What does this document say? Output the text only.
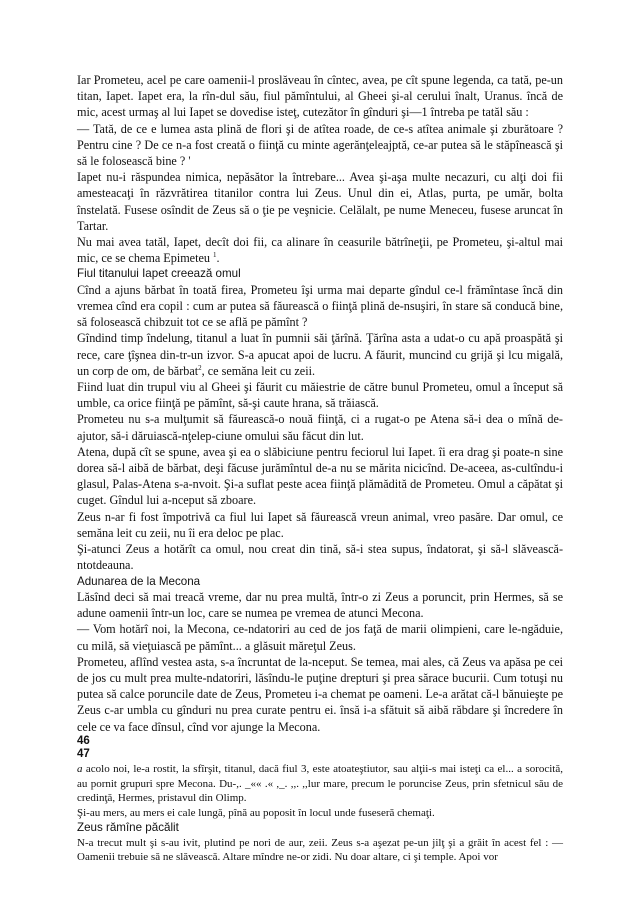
Iar Prometeu, acel pe care oamenii-l proslăveau în cîntec, avea, pe cît spune legenda, ca tată, pe-un titan, Iapet. Iapet era, la rîn-dul său, fiul pămîntului, al Gheei şi-al cerului înalt, Uranus. încă de mic, acest urmaş al lui Iapet se dovedise isteţ, cutezător în gînduri şi—1 întreba pe tatăl său :

— Tată, de ce e lumea asta plină de flori şi de atîtea roade, de ce-s atîtea animale şi zburătoare ? Pentru cine ? De ce n-a fost creată o fiinţă cu minte agerănţeleajptă, ce-ar putea să le stăpînească şi să le folosească bine ? '

Iapet nu-i răspundea nimica, nepăsător la întrebare... Avea şi-aşa multe necazuri, cu alţi doi fii amesteacaţi în răzvrătirea titanilor contra lui Zeus. Unul din ei, Atlas, purta, pe umăr, bolta înstelată. Fusese osîndit de Zeus să o ţie pe veşnicie. Celălalt, pe nume Meneceu, fusese aruncat în Tartar.

Nu mai avea tatăl, Iapet, decît doi fii, ca alinare în ceasurile bătrîneţii, pe Prometeu, şi-altul mai mic, ce se chema Epimeteu $^1$.

Fiul titanului Iapet creează omul

Cînd a ajuns bărbat în toată firea, Prometeu îşi urma mai departe gîndul ce-l frămîntase încă din vremea cînd era copil : cum ar putea să făurească o fiinţă plină de-nsuşiri, în stare să conducă bine, să folosească chibzuit tot ce se află pe pămînt ?

Gîndind timp îndelung, titanul a luat în pumnii săi ţărînă. Ţărîna asta a udat-o cu apă proaspătă şi rece, care ţîşnea din-tr-un izvor. S-a apucat apoi de lucru. A făurit, muncind cu grijă şi lcu migală, un corp de om, de bărbat$^2$, ce semăna leit cu zeii.

Fiind luat din trupul viu al Gheei şi făurit cu măiestrie de către bunul Prometeu, omul a început să umble, ca orice fiinţă pe pămînt, să-şi caute hrana, să trăiască.

Prometeu nu s-a mulţumit să făurească-o nouă fiinţă, ci a rugat-o pe Atena să-i dea o mînă de-ajutor, să-i dăruiască-nţelep-ciune omului său făcut din lut.

Atena, după cît se spune, avea şi ea o slăbiciune pentru feciorul lui Iapet. îi era drag şi poate-n sine dorea să-l aibă de bărbat, deşi făcuse jurămîntul de-a nu se mărita nicicînd. De-aceea, as-cultîndu-i glasul, Palas-Atena s-a-nvoit. Şi-a suflat peste acea fiinţă plămădită de Prometeu. Omul a căpătat şi cuget. Gîndul lui a-nceput să zboare.

Zeus n-ar fi fost împotrivă ca fiul lui Iapet să făurească vreun animal, vreo pasăre. Dar omul, ce semăna leit cu zeii, nu îi era deloc pe plac.

Şi-atunci Zeus a hotărît ca omul, nou creat din tină, să-i stea supus, îndatorat, şi să-l slăvească-ntotdeauna.

Adunarea de la Mecona

Lăsînd deci să mai treacă vreme, dar nu prea multă, într-o zi Zeus a poruncit, prin Hermes, să se adune oamenii într-un loc, care se numea pe vremea de atunci Mecona.

— Vom hotărî noi, la Mecona, ce-ndatoriri au ced de jos faţă de marii olimpieni, care le-ngăduie, cu milă, să vieţuiască pe pămînt... a glăsuit măreţul Zeus.

Prometeu, aflînd vestea asta, s-a încruntat de la-nceput. Se temea, mai ales, că Zeus va apăsa pe cei de jos cu mult prea multe-ndatoriri, lăsîndu-le puţine drepturi şi prea sărace bucurii. Cum totuşi nu putea să calce poruncile date de Zeus, Prometeu i-a chemat pe oameni. Le-a arătat că-l bănuieşte pe Zeus c-ar umbla cu gînduri nu prea curate pentru ei. însă i-a sfătuit să aibă răbdare şi încredere în cele ce va face dînsul, cînd vor ajunge la Mecona.

46

47

a acolo noi, le-a rostit, la sfîrşit, titanul, dacă fiul 3, este atoateştiutor, sau alţii-s mai isteţi ca el... a sorocită, au pornit grupuri spre Mecona. Du-,. _«« .« ,_. ,,. ,,lur mare, precum le poruncise Zeus, prin sfetnicul său de credinţă, Hermes, pristavul din Olimp.

Şi-au mers, au mers ei cale lungă, pînă au poposit în locul unde fuseseră chemaţi.

Zeus rămîne păcălit

N-a trecut mult şi s-au ivit, plutind pe nori de aur, zeii. Zeus s-a aşezat pe-un jilţ şi a grăit în acest fel : — Oamenii trebuie să ne slăvească. Altare mîndre ne-or zidi. Nu doar altare, ci şi temple. Apoi vor
